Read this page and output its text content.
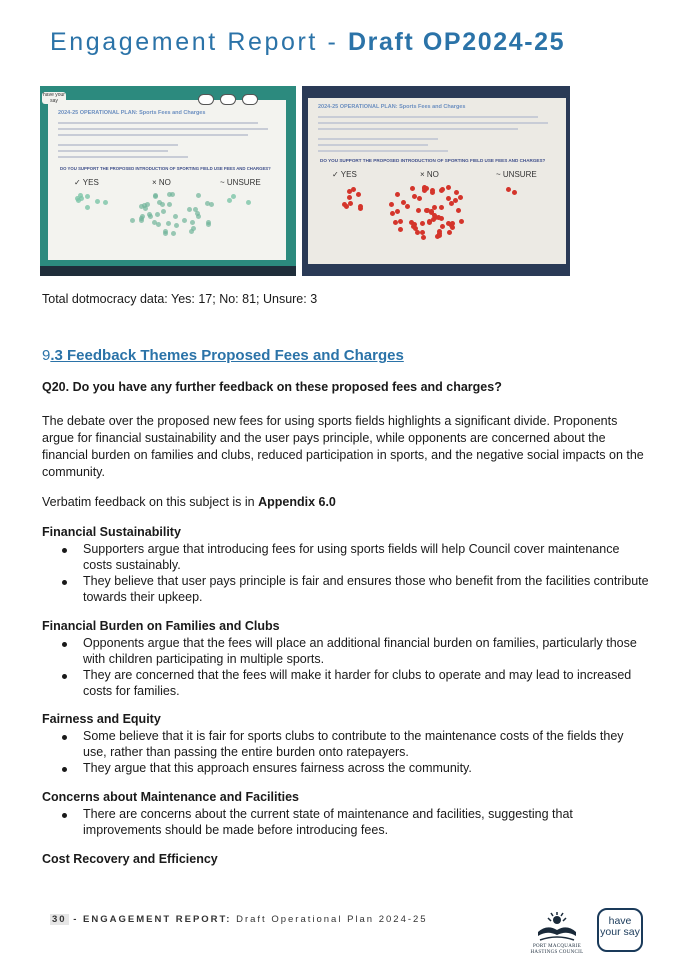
Engagement Report - Draft OP2024-25
have your say
2024-25 OPERATIONAL PLAN: Sports Fees and Charges
DO YOU SUPPORT THE PROPOSED INTRODUCTION OF SPORTING FIELD USE FEES AND CHARGES?
✓ YES	× NO	~ UNSURE
2024-25 OPERATIONAL PLAN: Sports Fees and Charges
DO YOU SUPPORT THE PROPOSED INTRODUCTION OF SPORTING FIELD USE FEES AND CHARGES?
✓ YES	× NO	~ UNSURE
Total dotmocracy data: Yes: 17; No: 81; Unsure: 3
9.3 Feedback Themes Proposed Fees and Charges
Q20. Do you have any further feedback on these proposed fees and charges?
The debate over the proposed new fees for using sports fields highlights a significant divide. Proponents argue for financial sustainability and the user pays principle, while opponents are concerned about the financial burden on families and clubs, reduced participation in sports, and the negative social impacts on the community.
Verbatim feedback on this subject is in Appendix 6.0
Financial Sustainability
Supporters argue that introducing fees for using sports fields will help Council cover maintenance costs sustainably.
They believe that user pays principle is fair and ensures those who benefit from the facilities contribute towards their upkeep.
Financial Burden on Families and Clubs
Opponents argue that the fees will place an additional financial burden on families, particularly those with children participating in multiple sports.
They are concerned that the fees will make it harder for clubs to operate and may lead to increased costs for families.
Fairness and Equity
Some believe that it is fair for sports clubs to contribute to the maintenance costs of the fields they use, rather than passing the entire burden onto ratepayers.
They argue that this approach ensures fairness across the community.
Concerns about Maintenance and Facilities
There are concerns about the current state of maintenance and facilities, suggesting that improvements should be made before introducing fees.
Cost Recovery and Efficiency
30 - ENGAGEMENT REPORT: Draft Operational Plan 2024-25
PORT MACQUARIE HASTINGS COUNCIL
have
your say
